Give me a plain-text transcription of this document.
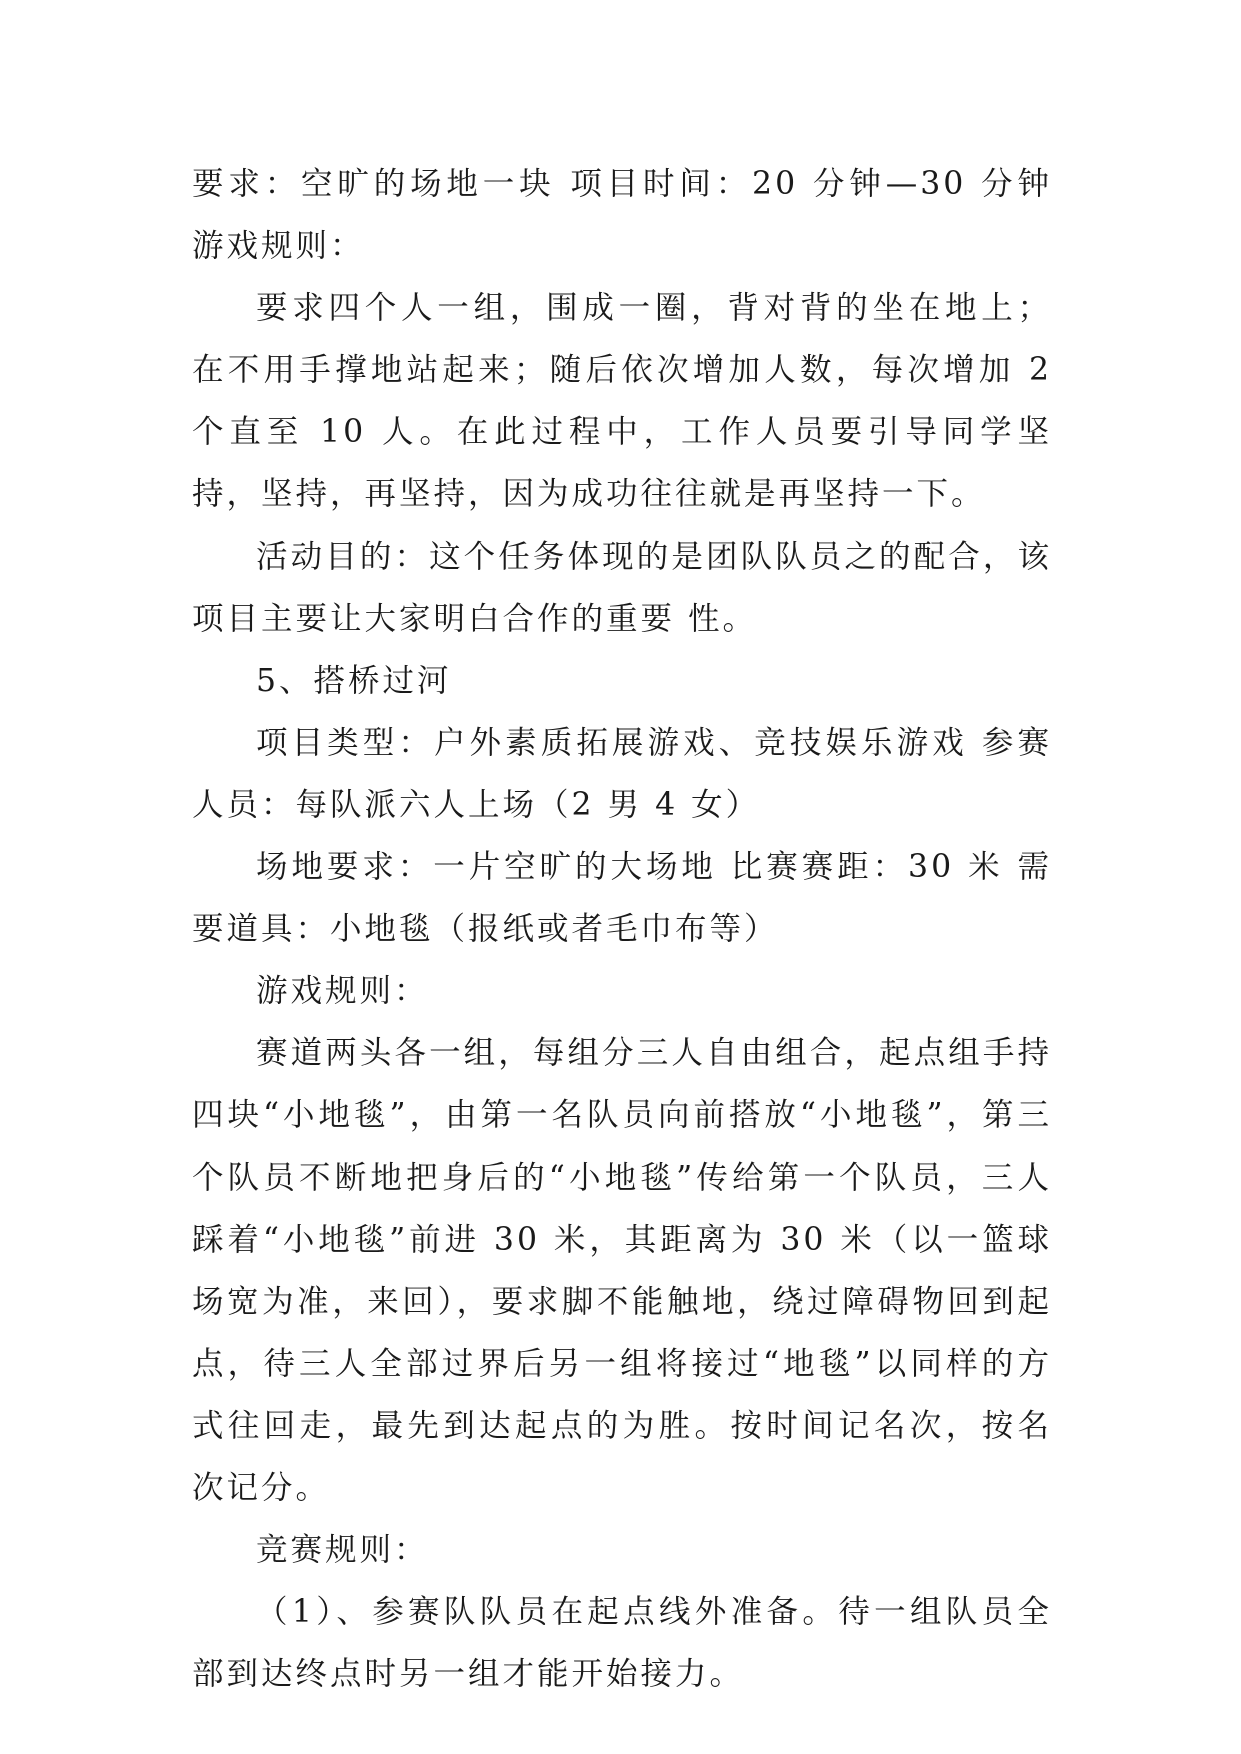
要求：空旷的场地一块 项目时间：20 分钟—30 分钟 游戏规则：

要求四个人一组，围成一圈，背对背的坐在地上； 在不用手撑地站起来；随后依次增加人数，每次增加 2 个直至 10 人。在此过程中，工作人员要引导同学坚持，坚持，再坚持，因为成功往往就是再坚持一下。

活动目的：这个任务体现的是团队队员之的配合，该项目主要让大家明白合作的重要 性。

5、搭桥过河

项目类型：户外素质拓展游戏、竞技娱乐游戏 参赛人员：每队派六人上场（2 男 4 女）

场地要求：一片空旷的大场地 比赛赛距：30 米 需要道具：小地毯（报纸或者毛巾布等）

游戏规则：

赛道两头各一组，每组分三人自由组合，起点组手持四块“小地毯”，由第一名队员向前搭放“小地毯”，第三个队员不断地把身后的“小地毯”传给第一个队员，三人踩着“小地毯”前进 30 米，其距离为 30 米（以一篮球场宽为准，来回），要求脚不能触地，绕过障碍物回到起点，待三人全部过界后另一组将接过“地毯”以同样的方式往回走，最先到达起点的为胜。按时间记名次，按名次记分。

竞赛规则：

（1）、参赛队队员在起点线外准备。待一组队员全部到达终点时另一组才能开始接力。
